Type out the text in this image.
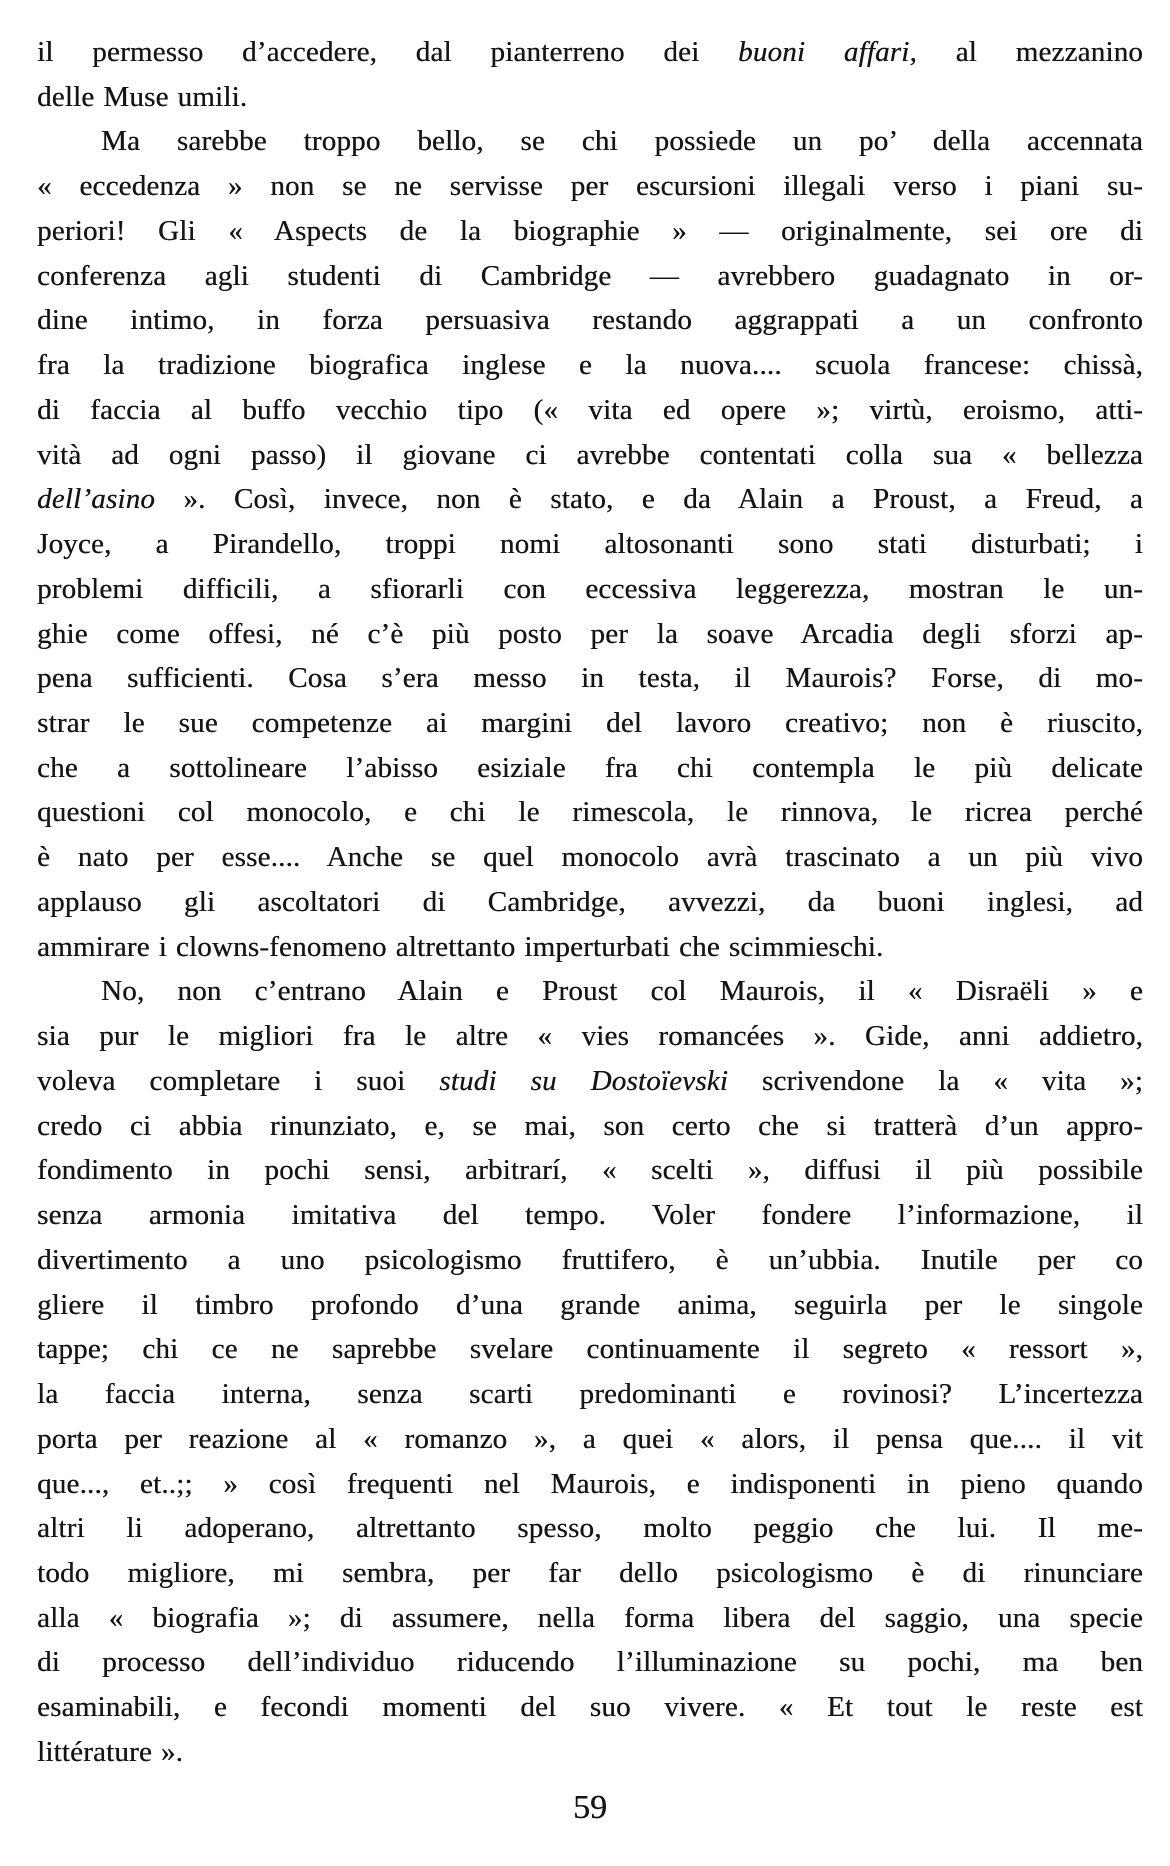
il permesso d’accedere, dal pianterreno dei buoni affari, al mezzanino
delle Muse umili.
Ma sarebbe troppo bello, se chi possiede un po’ della accennata
« eccedenza » non se ne servisse per escursioni illegali verso i piani su-
periori! Gli « Aspects de la biographie » — originalmente, sei ore di
conferenza agli studenti di Cambridge — avrebbero guadagnato in or-
dine intimo, in forza persuasiva restando aggrappati a un confronto
fra la tradizione biografica inglese e la nuova.... scuola francese: chissà,
di faccia al buffo vecchio tipo (« vita ed opere »; virtù, eroismo, atti-
vità ad ogni passo) il giovane ci avrebbe contentati colla sua « bellezza
dell’asino ». Così, invece, non è stato, e da Alain a Proust, a Freud, a
Joyce, a Pirandello, troppi nomi altosonanti sono stati disturbati; i
problemi difficili, a sfiorarli con eccessiva leggerezza, mostran le un-
ghie come offesi, né c’è più posto per la soave Arcadia degli sforzi ap-
pena sufficienti. Cosa s’era messo in testa, il Maurois? Forse, di mo-
strar le sue competenze ai margini del lavoro creativo; non è riuscito,
che a sottolineare l’abisso esiziale fra chi contempla le più delicate
questioni col monocolo, e chi le rimescola, le rinnova, le ricrea perché
è nato per esse.... Anche se quel monocolo avrà trascinato a un più vivo
applauso gli ascoltatori di Cambridge, avvezzi, da buoni inglesi, ad
ammirare i clowns-fenomeno altrettanto imperturbati che scimmieschi.
No, non c’entrano Alain e Proust col Maurois, il « Disraëli » e
sia pur le migliori fra le altre « vies romancées ». Gide, anni addietro,
voleva completare i suoi studi su Dostoïevski scrivendone la « vita »;
credo ci abbia rinunziato, e, se mai, son certo che si tratterà d’un appro-
fondimento in pochi sensi, arbitrarí, « scelti », diffusi il più possibile
senza armonia imitativa del tempo. Voler fondere l’informazione, il
divertimento a uno psicologismo fruttifero, è un’ubbia. Inutile per co
gliere il timbro profondo d’una grande anima, seguirla per le singole
tappe; chi ce ne saprebbe svelare continuamente il segreto « ressort »,
la faccia interna, senza scarti predominanti e rovinosi? L’incertezza
porta per reazione al « romanzo », a quei « alors, il pensa que.... il vit
que..., et..;; » così frequenti nel Maurois, e indisponenti in pieno quando
altri li adoperano, altrettanto spesso, molto peggio che lui. Il me-
todo migliore, mi sembra, per far dello psicologismo è di rinunciare
alla « biografia »; di assumere, nella forma libera del saggio, una specie
di processo dell’individuo riducendo l’illuminazione su pochi, ma ben
esaminabili, e fecondi momenti del suo vivere. « Et tout le reste est
littérature ».
59
